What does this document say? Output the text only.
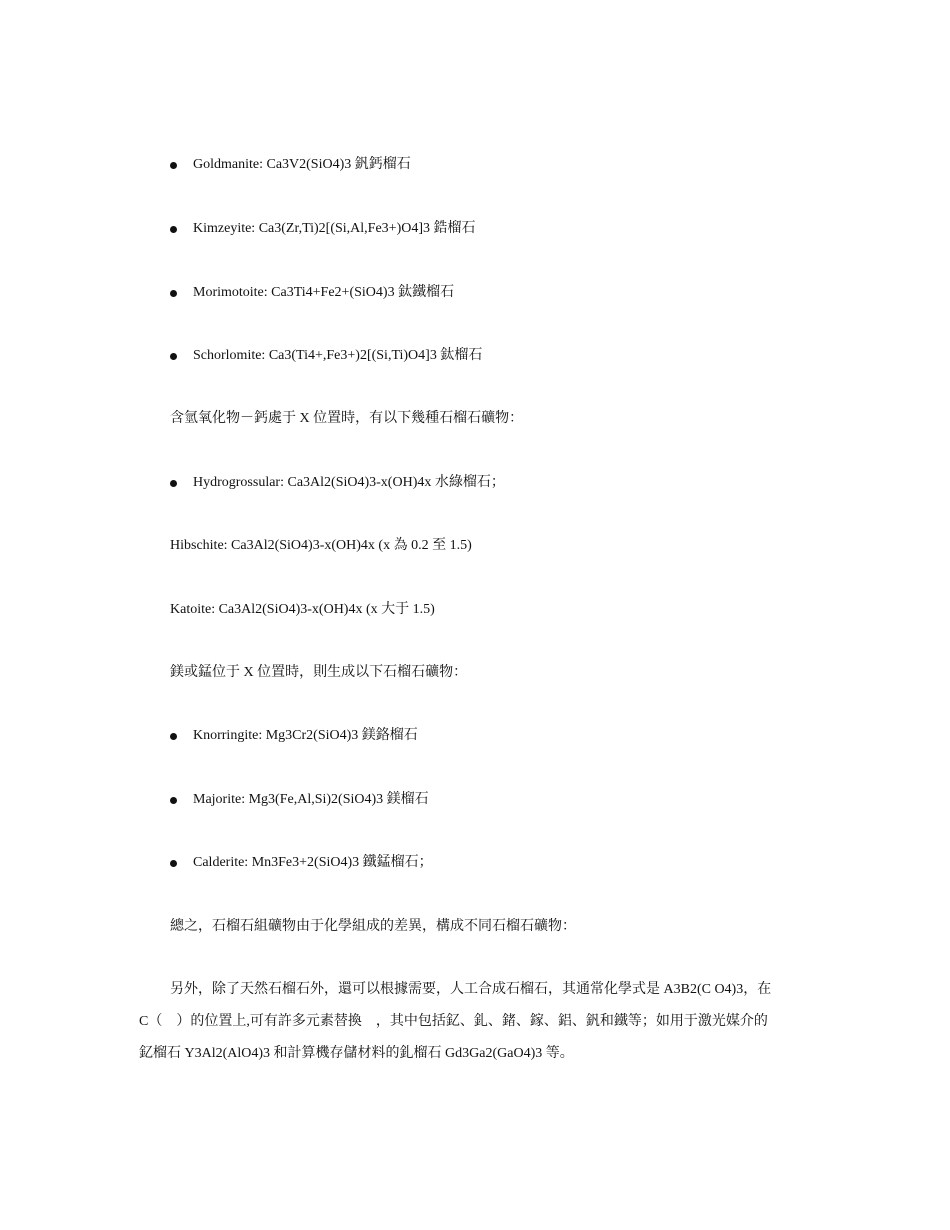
Goldmanite: Ca3V2(SiO4)3 釩鈣榴石
Kimzeyite: Ca3(Zr,Ti)2[(Si,Al,Fe3+)O4]3 鋯榴石
Morimotoite: Ca3Ti4+Fe2+(SiO4)3 鈦鐵榴石
Schorlomite: Ca3(Ti4+,Fe3+)2[(Si,Ti)O4]3 鈦榴石
含氫氧化物－鈣處于 X 位置時，有以下幾種石榴石礦物：
Hydrogrossular: Ca3Al2(SiO4)3-x(OH)4x 水綠榴石；
Hibschite: Ca3Al2(SiO4)3-x(OH)4x (x 為 0.2 至 1.5)
Katoite: Ca3Al2(SiO4)3-x(OH)4x (x 大于 1.5)
鎂或錳位于 X 位置時，則生成以下石榴石礦物：
Knorringite: Mg3Cr2(SiO4)3 鎂鉻榴石
Majorite: Mg3(Fe,Al,Si)2(SiO4)3 鎂榴石
Calderite: Mn3Fe3+2(SiO4)3 鐵錳榴石；
總之，石榴石組礦物由于化學組成的差異，構成不同石榴石礦物：
另外，除了天然石榴石外，還可以根據需要，人工合成石榴石，其通常化學式是 A3B2(C O4)3，在
C（　）的位置上,可有許多元素替換　，其中包括釔、釓、鍺、鎵、鋁、釩和鐵等；如用于激光媒介的
釔榴石 Y3Al2(AlO4)3 和計算機存儲材料的釓榴石 Gd3Ga2(GaO4)3 等。
